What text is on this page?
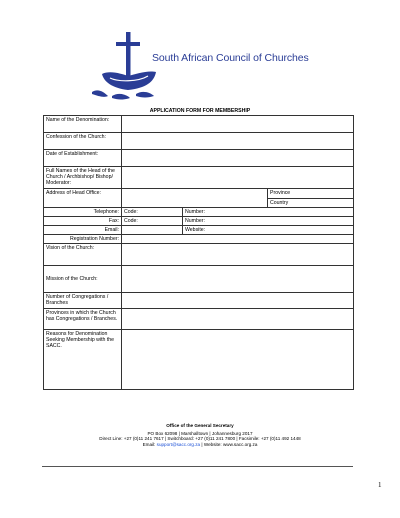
South African Council of Churches
APPLICATION FORM FOR MEMBERSHIP
Name of the Denomination:			
Confession of the Church:			
Date of Establishment:			
Full Names of the Head of the Church / Archbishop/ Bishop/ Moderator:			
Address of Head Office:			Province
			Country
Telephone:	Code:	Number:	
Fax:	Code:	Number:	
Email:		Website:	
Registration Number:			
Vision of the Church:			
Mission of the Church:			
Number of Congregations / Branches			
Provinces in which the Church has Congregations / Branches.			
Reasons for Denomination Seeking Membership with the SACC.			
Office of the General Secretary
PO Box 62098 | Marshalltown | Johannesburg 2017
Direct Line: +27 (0)11 241 7617 | Switchboard: +27 (0)11 241 7800 | Facsimile: +27 (0)11 492 1448
Email: support@sacc.org.za | Website: www.sacc.org.za
1
